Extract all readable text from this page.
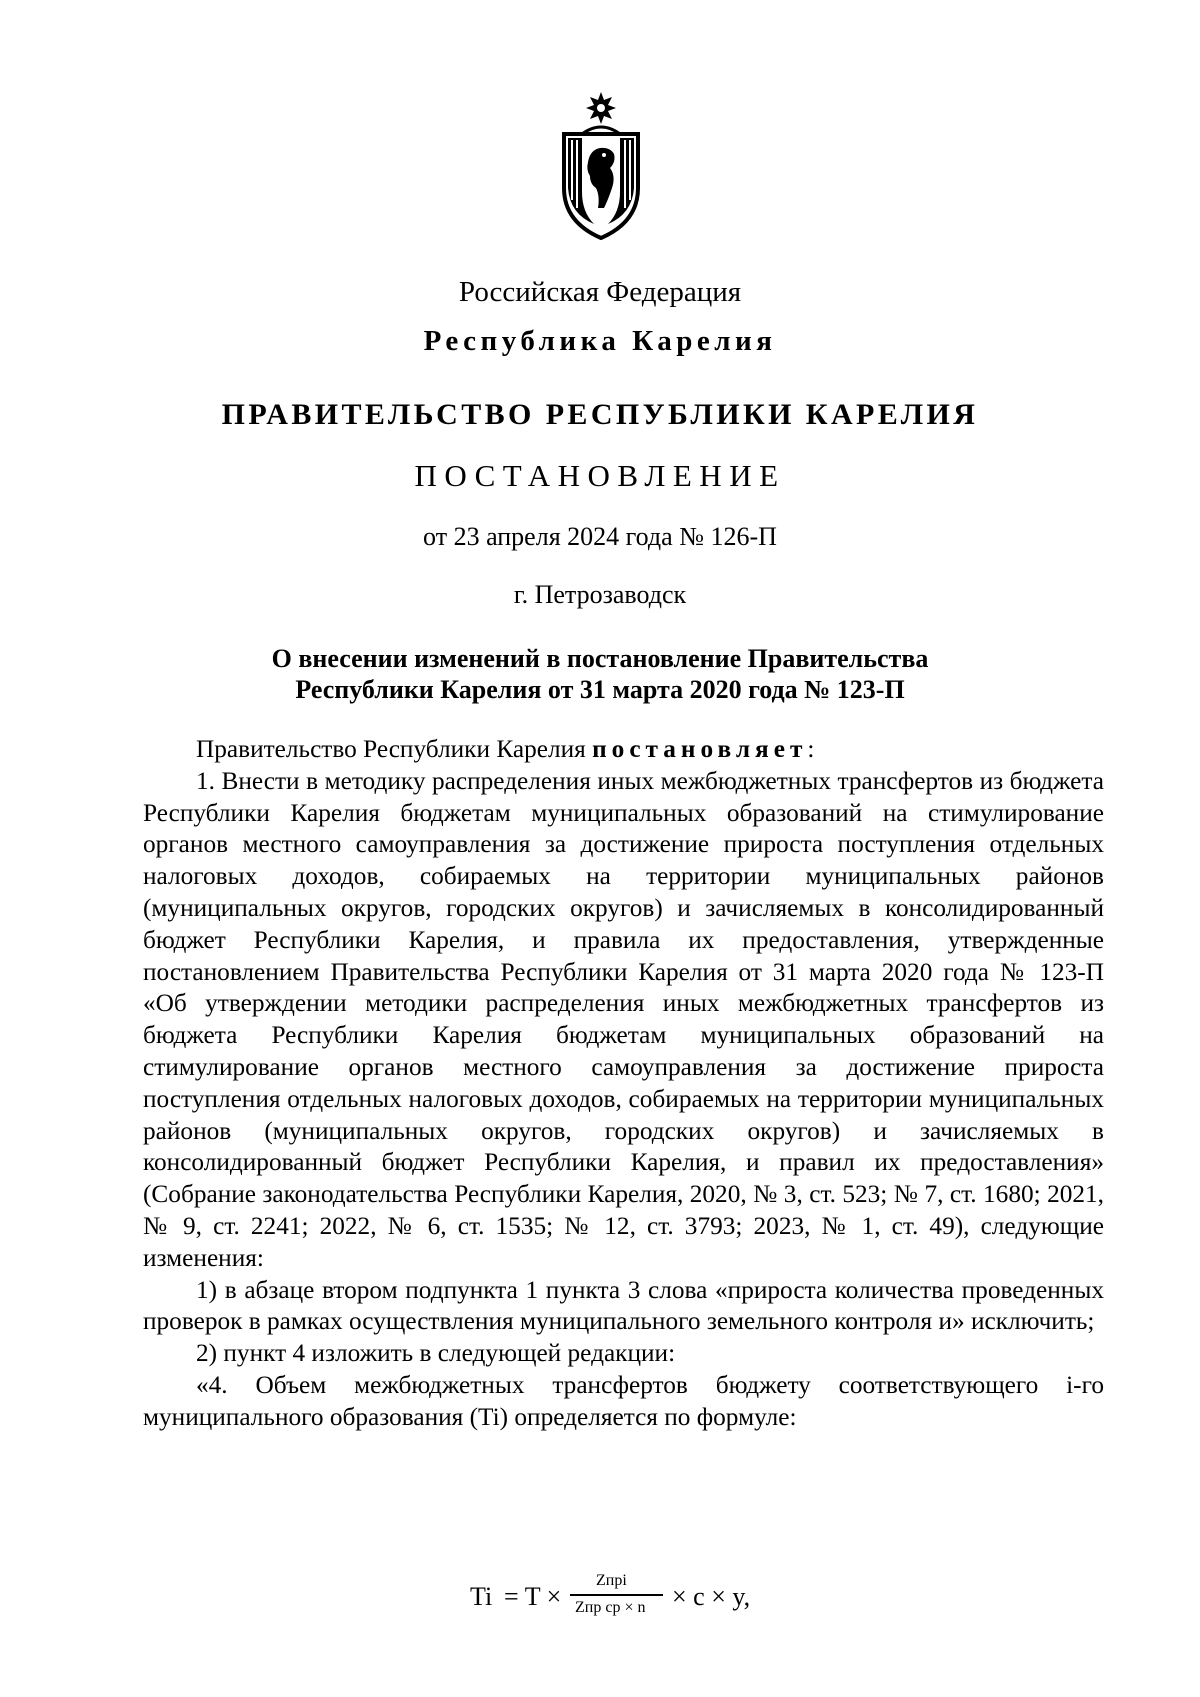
Российская Федерация
Республика Карелия
ПРАВИТЕЛЬСТВО РЕСПУБЛИКИ КАРЕЛИЯ
ПОСТАНОВЛЕНИЕ
от 23 апреля 2024 года № 126-П
г. Петрозаводск
О внесении изменений в постановление Правительства
Республики Карелия от 31 марта 2020 года № 123-П

Правительство Республики Карелия постановляет:

1. Внести в методику распределения иных межбюджетных трансфертов из бюджета Республики Карелия бюджетам муниципальных образований на стимулирование органов местного самоуправления за достижение прироста поступления отдельных налоговых доходов, собираемых на территории муниципальных районов (муниципальных округов, городских округов) и зачисляемых в консолидированный бюджет Республики Карелия, и правила их предоставления, утвержденные постановлением Правительства Республики Карелия от 31 марта 2020 года № 123-П «Об утверждении методики распределения иных межбюджетных трансфертов из бюджета Республики Карелия бюджетам муниципальных образований на стимулирование органов местного самоуправления за достижение прироста поступления отдельных налоговых доходов, собираемых на территории муниципальных районов (муниципальных округов, городских округов) и зачисляемых в консолидированный бюджет Республики Карелия, и правил их предоставления» (Собрание законодательства Республики Карелия, 2020, № 3, ст. 523; № 7, ст. 1680; 2021, № 9, ст. 2241; 2022, № 6, ст. 1535; № 12, ст. 3793; 2023, № 1, ст. 49), следующие изменения:

1) в абзаце втором подпункта 1 пункта 3 слова «прироста количества проведенных проверок в рамках осуществления муниципального земельного контроля и» исключить;

2) пункт 4 изложить в следующей редакции:

«4. Объем межбюджетных трансфертов бюджету соответствующего i-го муниципального образования (Ti) определяется по формуле:

Ti = T ×
Zпрi
Zпр ср × n × c × y,
